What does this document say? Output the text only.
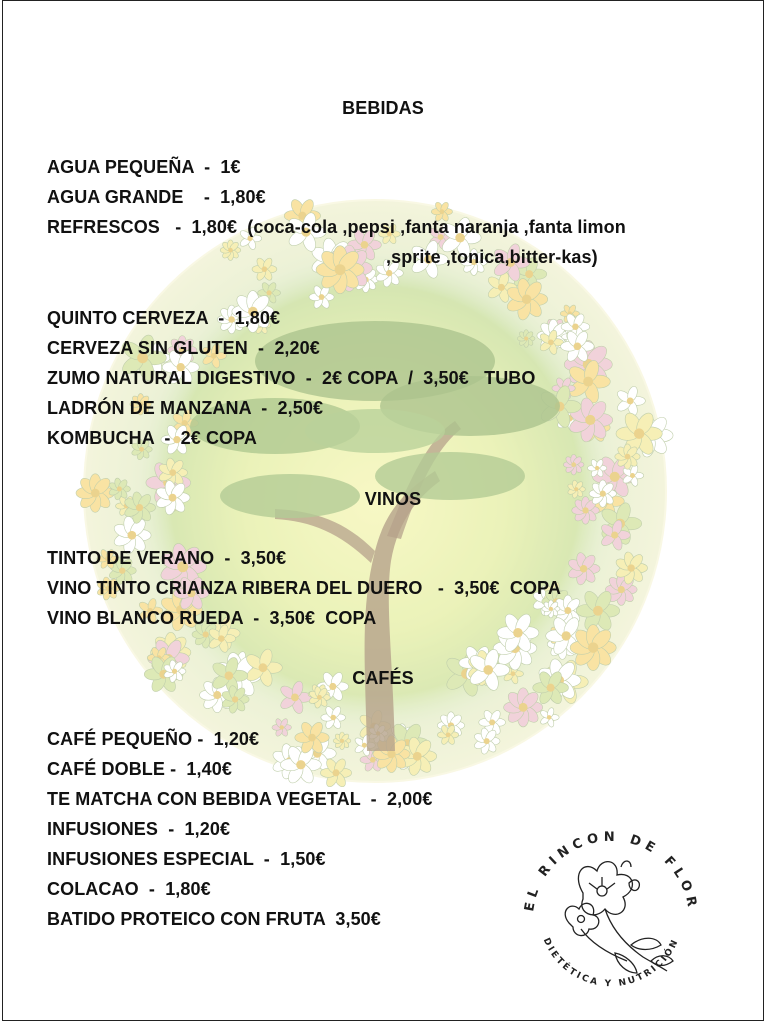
BEBIDAS
AGUA PEQUEÑA  -  1€
AGUA GRANDE    -  1,80€
REFRESCOS   -  1,80€  (coca-cola ,pepsi ,fanta naranja ,fanta limon
,sprite ,tonica,bitter-kas)
QUINTO CERVEZA  -  1,80€
CERVEZA SIN GLUTEN  -  2,20€
ZUMO NATURAL DIGESTIVO  -  2€ COPA  /  3,50€   TUBO
LADRÓN DE MANZANA  -  2,50€
KOMBUCHA  -  2€ COPA
VINOS
TINTO DE VERANO  -  3,50€
VINO TINTO CRIANZA RIBERA DEL DUERO   -  3,50€  COPA
VINO BLANCO RUEDA  -  3,50€  COPA
CAFÉS
CAFÉ PEQUEÑO -  1,20€
CAFÉ DOBLE -  1,40€
TE MATCHA CON BEBIDA VEGETAL  -  2,00€
INFUSIONES  -  1,20€
INFUSIONES ESPECIAL  -  1,50€
COLACAO  -  1,80€
BATIDO PROTEICO CON FRUTA  3,50€
EL RINCON DE FLOR
DIETÉTICA Y NUTRICIÓN
